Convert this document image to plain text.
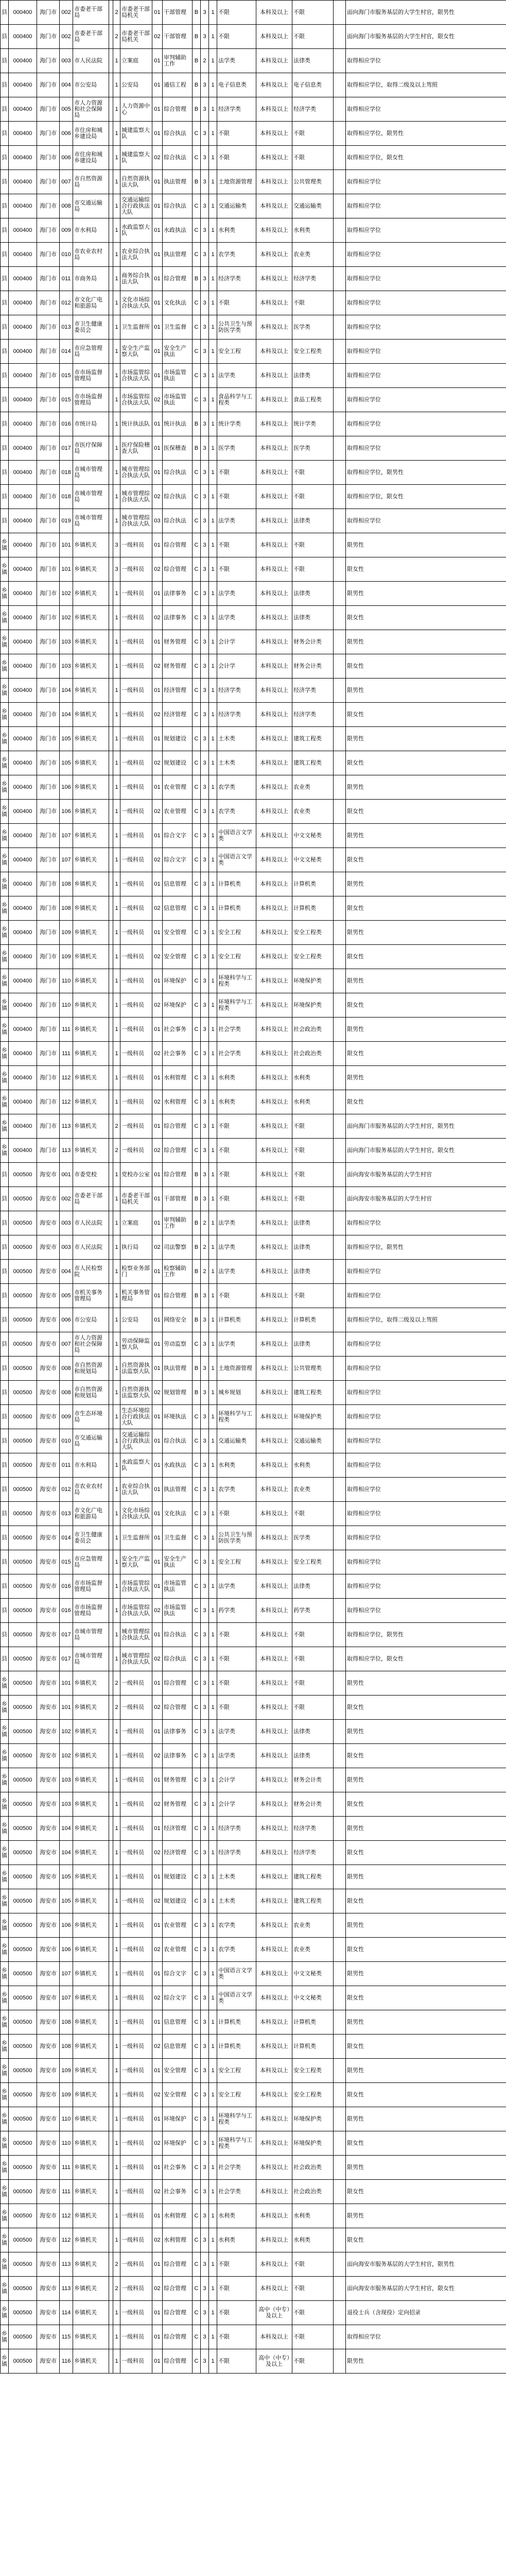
县	000400	海门市	002	市委老干部局		2	市委老干部局机关	01	干部管理	B	3	1	不限	本科及以上	不限		面向海门市服务基层的大学生村官，限男性
县	000400	海门市	002	市委老干部局		2	市委老干部局机关	02	干部管理	B	3	1	不限	本科及以上	不限		面向海门市服务基层的大学生村官，限女性
县	000400	海门市	003	市人民法院		1	立案庭	01	审判辅助工作	B	2	1	法学类	本科及以上	法律类		取得相应学位
县	000400	海门市	004	市公安局		1	公安局	01	通信工程	B	3	1	电子信息类	本科及以上	电子信息类		取得相应学位，取得二级及以上驾照
县	000400	海门市	005	市人力资源和社会保障局		1	人力资源中心	01	综合管理	B	3	1	经济学类	本科及以上	经济学类		取得相应学位
县	000400	海门市	006	市住房和城乡建设局		1	城建监察大队	01	综合执法	C	3	1	不限	本科及以上	不限		取得相应学位，限男性
县	000400	海门市	006	市住房和城乡建设局		1	城建监察大队	02	综合执法	C	3	1	不限	本科及以上	不限		取得相应学位，限女性
县	000400	海门市	007	市自然资源局		1	自然资源执法大队	01	执法管理	B	3	1	土地资源管理	本科及以上	公共管理类		取得相应学位
县	000400	海门市	008	市交通运输局		1	交通运输综合行政执法大队	01	综合执法	C	3	1	交通运输类	本科及以上	交通运输类		取得相应学位
县	000400	海门市	009	市水利局		1	水政监察大队	01	水政执法	C	3	1	水利类	本科及以上	水利类		取得相应学位
县	000400	海门市	010	市农业农村局		1	农业综合执法大队	01	执法管理	C	3	1	农学类	本科及以上	农业类		取得相应学位
县	000400	海门市	011	市商务局		1	商务综合执法大队	01	综合管理	B	3	1	经济学类	本科及以上	经济学类		取得相应学位
县	000400	海门市	012	市文化广电和旅游局		1	文化市场综合执法大队	01	文化执法	C	3	1	不限	本科及以上	不限		取得相应学位
县	000400	海门市	013	市卫生健康委员会		1	卫生监督所	01	卫生监督	C	3	1	公共卫生与预防医学类	本科及以上	医学类		取得相应学位
县	000400	海门市	014	市应急管理局		1	安全生产监察大队	01	安全生产执法	C	3	1	安全工程	本科及以上	安全工程类		取得相应学位
县	000400	海门市	015	市市场监督管理局		1	市场监管综合执法大队	01	市场监管执法	C	3	1	法学类	本科及以上	法律类		取得相应学位
县	000400	海门市	015	市市场监督管理局		1	市场监管综合执法大队	02	市场监管执法	C	3	1	食品科学与工程类	本科及以上	食品工程类		取得相应学位
县	000400	海门市	016	市统计局		1	统计执法队	01	统计执法	B	3	1	统计学类	本科及以上	统计学类		取得相应学位
县	000400	海门市	017	市医疗保障局		1	医疗保险稽查大队	01	医保稽查	B	3	1	医学类	本科及以上	医学类		取得相应学位
县	000400	海门市	018	市城市管理局		1	城市管理综合执法大队	01	综合执法	C	3	1	不限	本科及以上	不限		取得相应学位，限男性
县	000400	海门市	018	市城市管理局		1	城市管理综合执法大队	02	综合执法	C	3	1	不限	本科及以上	不限		取得相应学位，限女性
县	000400	海门市	019	市城市管理局		1	城市管理综合执法大队	03	综合执法	C	3	1	法学类	本科及以上	法律类		取得相应学位
乡镇	000400	海门市	101	乡镇机关		3	一级科员	01	综合管理	C	3	1	不限	本科及以上	不限		限男性
乡镇	000400	海门市	101	乡镇机关		3	一级科员	02	综合管理	C	3	1	不限	本科及以上	不限		限女性
乡镇	000400	海门市	102	乡镇机关		1	一级科员	01	法律事务	C	3	1	法学类	本科及以上	法律类		限男性
乡镇	000400	海门市	102	乡镇机关		1	一级科员	02	法律事务	C	3	1	法学类	本科及以上	法律类		限女性
乡镇	000400	海门市	103	乡镇机关		1	一级科员	01	财务管理	C	3	1	会计学	本科及以上	财务会计类		限男性
乡镇	000400	海门市	103	乡镇机关		1	一级科员	02	财务管理	C	3	1	会计学	本科及以上	财务会计类		限女性
乡镇	000400	海门市	104	乡镇机关		1	一级科员	01	经济管理	C	3	1	经济学类	本科及以上	经济学类		限男性
乡镇	000400	海门市	104	乡镇机关		1	一级科员	02	经济管理	C	3	1	经济学类	本科及以上	经济学类		限女性
乡镇	000400	海门市	105	乡镇机关		1	一级科员	01	规划建设	C	3	1	土木类	本科及以上	建筑工程类		限男性
乡镇	000400	海门市	105	乡镇机关		1	一级科员	02	规划建设	C	3	1	土木类	本科及以上	建筑工程类		限女性
乡镇	000400	海门市	106	乡镇机关		1	一级科员	01	农业管理	C	3	1	农学类	本科及以上	农业类		限男性
乡镇	000400	海门市	106	乡镇机关		1	一级科员	02	农业管理	C	3	1	农学类	本科及以上	农业类		限女性
乡镇	000400	海门市	107	乡镇机关		1	一级科员	01	综合文字	C	3	1	中国语言文学类	本科及以上	中文文秘类		限男性
乡镇	000400	海门市	107	乡镇机关		1	一级科员	02	综合文字	C	3	1	中国语言文学类	本科及以上	中文文秘类		限女性
乡镇	000400	海门市	108	乡镇机关		1	一级科员	01	信息管理	C	3	1	计算机类	本科及以上	计算机类		限男性
乡镇	000400	海门市	108	乡镇机关		1	一级科员	02	信息管理	C	3	1	计算机类	本科及以上	计算机类		限女性
乡镇	000400	海门市	109	乡镇机关		1	一级科员	01	安全管理	C	3	1	安全工程	本科及以上	安全工程类		限男性
乡镇	000400	海门市	109	乡镇机关		1	一级科员	02	安全管理	C	3	1	安全工程	本科及以上	安全工程类		限女性
乡镇	000400	海门市	110	乡镇机关		1	一级科员	01	环境保护	C	3	1	环境科学与工程类	本科及以上	环境保护类		限男性
乡镇	000400	海门市	110	乡镇机关		1	一级科员	02	环境保护	C	3	1	环境科学与工程类	本科及以上	环境保护类		限女性
乡镇	000400	海门市	111	乡镇机关		1	一级科员	01	社会事务	C	3	1	社会学类	本科及以上	社会政治类		限男性
乡镇	000400	海门市	111	乡镇机关		1	一级科员	02	社会事务	C	3	1	社会学类	本科及以上	社会政治类		限女性
乡镇	000400	海门市	112	乡镇机关		1	一级科员	01	水利管理	C	3	1	水利类	本科及以上	水利类		限男性
乡镇	000400	海门市	112	乡镇机关		1	一级科员	02	水利管理	C	3	1	水利类	本科及以上	水利类		限女性
乡镇	000400	海门市	113	乡镇机关		2	一级科员	01	综合管理	C	3	1	不限	本科及以上	不限		面向海门市服务基层的大学生村官，限男性
乡镇	000400	海门市	113	乡镇机关		2	一级科员	02	综合管理	C	3	1	不限	本科及以上	不限		面向海门市服务基层的大学生村官，限女性
县	000500	海安市	001	市委党校		1	党校办公室	01	综合管理	B	3	1	不限	本科及以上	不限		面向海安市服务基层的大学生村官
县	000500	海安市	002	市委老干部局		1	市委老干部局机关	01	干部管理	B	3	1	不限	本科及以上	不限		面向海安市服务基层的大学生村官
县	000500	海安市	003	市人民法院		1	立案庭	01	审判辅助工作	B	2	1	法学类	本科及以上	法律类		取得相应学位
县	000500	海安市	003	市人民法院		1	执行局	02	司法警察	B	2	1	法学类	本科及以上	法律类		取得相应学位，限男性
县	000500	海安市	004	市人民检察院		1	检察业务部门	01	检察辅助工作	B	2	1	法学类	本科及以上	法律类		取得相应学位
县	000500	海安市	005	市机关事务管理局		1	机关事务管理局	01	综合管理	B	3	1	不限	本科及以上	不限		取得相应学位
县	000500	海安市	006	市公安局		1	公安局	01	网络安全	B	3	1	计算机类	本科及以上	计算机类		取得相应学位，取得二级及以上驾照
县	000500	海安市	007	市人力资源和社会保障局		1	劳动保障监察大队	01	劳动监察	C	3	1	法学类	本科及以上	法律类		取得相应学位
县	000500	海安市	008	市自然资源和规划局		1	自然资源执法监察大队	01	执法管理	B	3	1	土地资源管理	本科及以上	公共管理类		取得相应学位
县	000500	海安市	008	市自然资源和规划局		1	自然资源执法监察大队	02	规划管理	B	3	1	城乡规划	本科及以上	建筑工程类		取得相应学位
县	000500	海安市	009	市生态环境局		1	生态环境综合行政执法大队	01	环境执法	C	3	1	环境科学与工程类	本科及以上	环境保护类		取得相应学位
县	000500	海安市	010	市交通运输局		1	交通运输综合行政执法大队	01	综合执法	C	3	1	交通运输类	本科及以上	交通运输类		取得相应学位
县	000500	海安市	011	市水利局		1	水政监察大队	01	水政执法	C	3	1	水利类	本科及以上	水利类		取得相应学位
县	000500	海安市	012	市农业农村局		1	农业综合执法大队	01	执法管理	C	3	1	农学类	本科及以上	农业类		取得相应学位
县	000500	海安市	013	市文化广电和旅游局		1	文化市场综合执法大队	01	文化执法	C	3	1	不限	本科及以上	不限		取得相应学位
县	000500	海安市	014	市卫生健康委员会		1	卫生监督所	01	卫生监督	C	3	1	公共卫生与预防医学类	本科及以上	医学类		取得相应学位
县	000500	海安市	015	市应急管理局		1	安全生产监察大队	01	安全生产执法	C	3	1	安全工程	本科及以上	安全工程类		取得相应学位
县	000500	海安市	016	市市场监督管理局		1	市场监管综合执法大队	01	市场监管执法	C	3	1	法学类	本科及以上	法律类		取得相应学位
县	000500	海安市	016	市市场监督管理局		1	市场监管综合执法大队	02	市场监管执法	C	3	1	药学类	本科及以上	药学类		取得相应学位
县	000500	海安市	017	市城市管理局		1	城市管理综合执法大队	01	综合执法	C	3	1	不限	本科及以上	不限		取得相应学位，限男性
县	000500	海安市	017	市城市管理局		1	城市管理综合执法大队	02	综合执法	C	3	1	不限	本科及以上	不限		取得相应学位，限女性
乡镇	000500	海安市	101	乡镇机关		2	一级科员	01	综合管理	C	3	1	不限	本科及以上	不限		限男性
乡镇	000500	海安市	101	乡镇机关		2	一级科员	02	综合管理	C	3	1	不限	本科及以上	不限		限女性
乡镇	000500	海安市	102	乡镇机关		1	一级科员	01	法律事务	C	3	1	法学类	本科及以上	法律类		限男性
乡镇	000500	海安市	102	乡镇机关		1	一级科员	02	法律事务	C	3	1	法学类	本科及以上	法律类		限女性
乡镇	000500	海安市	103	乡镇机关		1	一级科员	01	财务管理	C	3	1	会计学	本科及以上	财务会计类		限男性
乡镇	000500	海安市	103	乡镇机关		1	一级科员	02	财务管理	C	3	1	会计学	本科及以上	财务会计类		限女性
乡镇	000500	海安市	104	乡镇机关		1	一级科员	01	经济管理	C	3	1	经济学类	本科及以上	经济学类		限男性
乡镇	000500	海安市	104	乡镇机关		1	一级科员	02	经济管理	C	3	1	经济学类	本科及以上	经济学类		限女性
乡镇	000500	海安市	105	乡镇机关		1	一级科员	01	规划建设	C	3	1	土木类	本科及以上	建筑工程类		限男性
乡镇	000500	海安市	105	乡镇机关		1	一级科员	02	规划建设	C	3	1	土木类	本科及以上	建筑工程类		限女性
乡镇	000500	海安市	106	乡镇机关		1	一级科员	01	农业管理	C	3	1	农学类	本科及以上	农业类		限男性
乡镇	000500	海安市	106	乡镇机关		1	一级科员	02	农业管理	C	3	1	农学类	本科及以上	农业类		限女性
乡镇	000500	海安市	107	乡镇机关		1	一级科员	01	综合文字	C	3	1	中国语言文学类	本科及以上	中文文秘类		限男性
乡镇	000500	海安市	107	乡镇机关		1	一级科员	02	综合文字	C	3	1	中国语言文学类	本科及以上	中文文秘类		限女性
乡镇	000500	海安市	108	乡镇机关		1	一级科员	01	信息管理	C	3	1	计算机类	本科及以上	计算机类		限男性
乡镇	000500	海安市	108	乡镇机关		1	一级科员	02	信息管理	C	3	1	计算机类	本科及以上	计算机类		限女性
乡镇	000500	海安市	109	乡镇机关		1	一级科员	01	安全管理	C	3	1	安全工程	本科及以上	安全工程类		限男性
乡镇	000500	海安市	109	乡镇机关		1	一级科员	02	安全管理	C	3	1	安全工程	本科及以上	安全工程类		限女性
乡镇	000500	海安市	110	乡镇机关		1	一级科员	01	环境保护	C	3	1	环境科学与工程类	本科及以上	环境保护类		限男性
乡镇	000500	海安市	110	乡镇机关		1	一级科员	02	环境保护	C	3	1	环境科学与工程类	本科及以上	环境保护类		限女性
乡镇	000500	海安市	111	乡镇机关		1	一级科员	01	社会事务	C	3	1	社会学类	本科及以上	社会政治类		限男性
乡镇	000500	海安市	111	乡镇机关		1	一级科员	02	社会事务	C	3	1	社会学类	本科及以上	社会政治类		限女性
乡镇	000500	海安市	112	乡镇机关		1	一级科员	01	水利管理	C	3	1	水利类	本科及以上	水利类		限男性
乡镇	000500	海安市	112	乡镇机关		1	一级科员	02	水利管理	C	3	1	水利类	本科及以上	水利类		限女性
乡镇	000500	海安市	113	乡镇机关		2	一级科员	01	综合管理	C	3	1	不限	本科及以上	不限		面向海安市服务基层的大学生村官，限男性
乡镇	000500	海安市	113	乡镇机关		2	一级科员	02	综合管理	C	3	1	不限	本科及以上	不限		面向海安市服务基层的大学生村官，限女性
乡镇	000500	海安市	114	乡镇机关		1	一级科员	01	综合管理	C	3	1	不限	高中（中专）及以上	不限		退役士兵（含现役）定向招录
乡镇	000500	海安市	115	乡镇机关		1	一级科员	01	综合管理	C	3	1	不限	本科及以上	不限		取得相应学位
乡镇	000500	海安市	116	乡镇机关		1	一级科员	01	综合管理	C	3	1	不限	高中（中专）及以上	不限		限男性
